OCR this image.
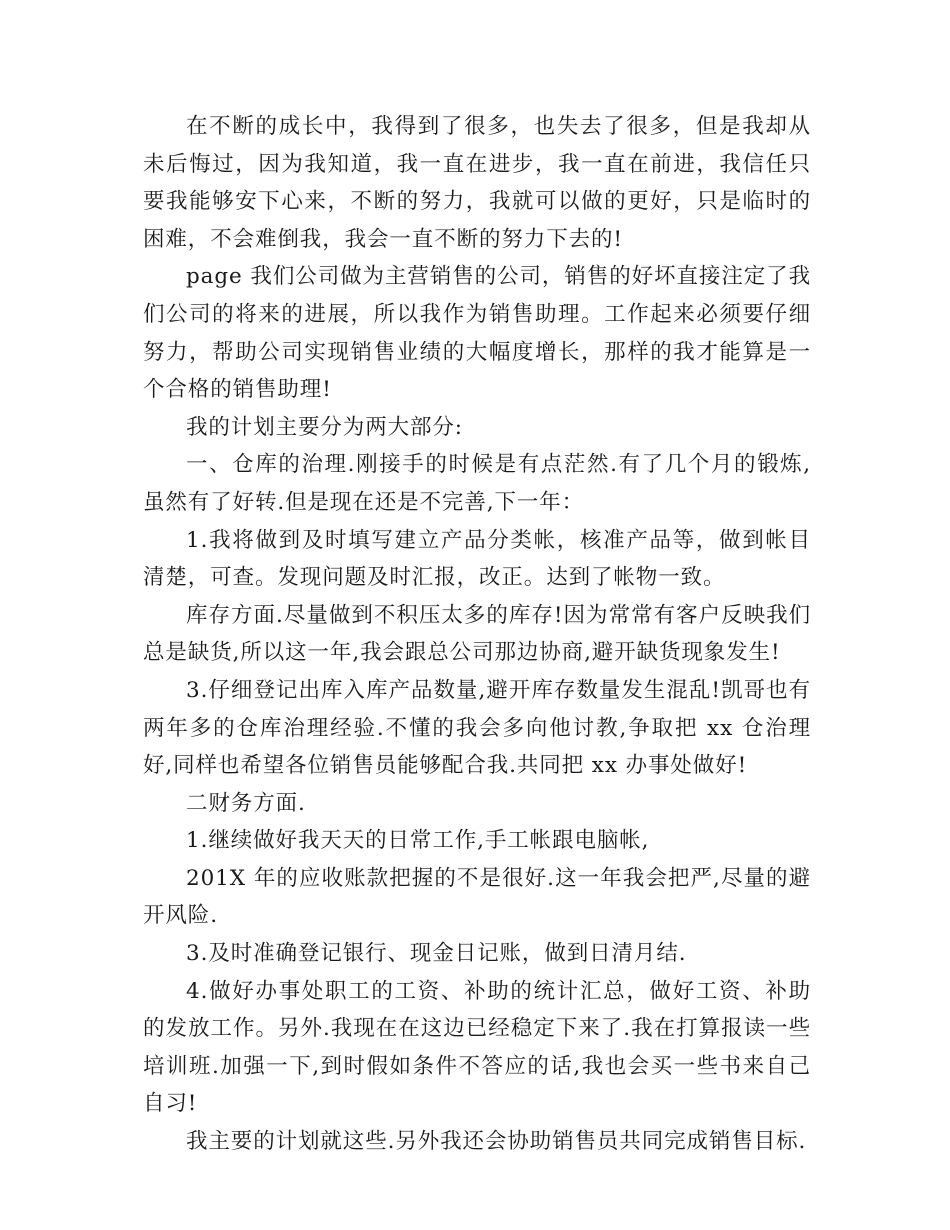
在不断的成长中，我得到了很多，也失去了很多，但是我却从未后悔过，因为我知道，我一直在进步，我一直在前进，我信任只要我能够安下心来，不断的努力，我就可以做的更好，只是临时的困难，不会难倒我，我会一直不断的努力下去的!

page 我们公司做为主营销售的公司，销售的好坏直接注定了我们公司的将来的进展，所以我作为销售助理。工作起来必须要仔细努力，帮助公司实现销售业绩的大幅度增长，那样的我才能算是一个合格的销售助理!

我的计划主要分为两大部分:

一、仓库的治理.刚接手的时候是有点茫然.有了几个月的锻炼,虽然有了好转.但是现在还是不完善,下一年：

1.我将做到及时填写建立产品分类帐，核准产品等，做到帐目清楚，可查。发现问题及时汇报，改正。达到了帐物一致。

库存方面.尽量做到不积压太多的库存!因为常常有客户反映我们总是缺货,所以这一年,我会跟总公司那边协商,避开缺货现象发生!

3.仔细登记出库入库产品数量,避开库存数量发生混乱!凯哥也有两年多的仓库治理经验.不懂的我会多向他讨教,争取把 xx 仓治理好,同样也希望各位销售员能够配合我.共同把 xx 办事处做好!

二财务方面.

1.继续做好我天天的日常工作,手工帐跟电脑帐,

201X 年的应收账款把握的不是很好.这一年我会把严,尽量的避开风险.

3.及时准确登记银行、现金日记账，做到日清月结.

4.做好办事处职工的工资、补助的统计汇总，做好工资、补助的发放工作。另外.我现在在这边已经稳定下来了.我在打算报读一些培训班.加强一下,到时假如条件不答应的话,我也会买一些书来自己自习!

我主要的计划就这些.另外我还会协助销售员共同完成销售目标.
